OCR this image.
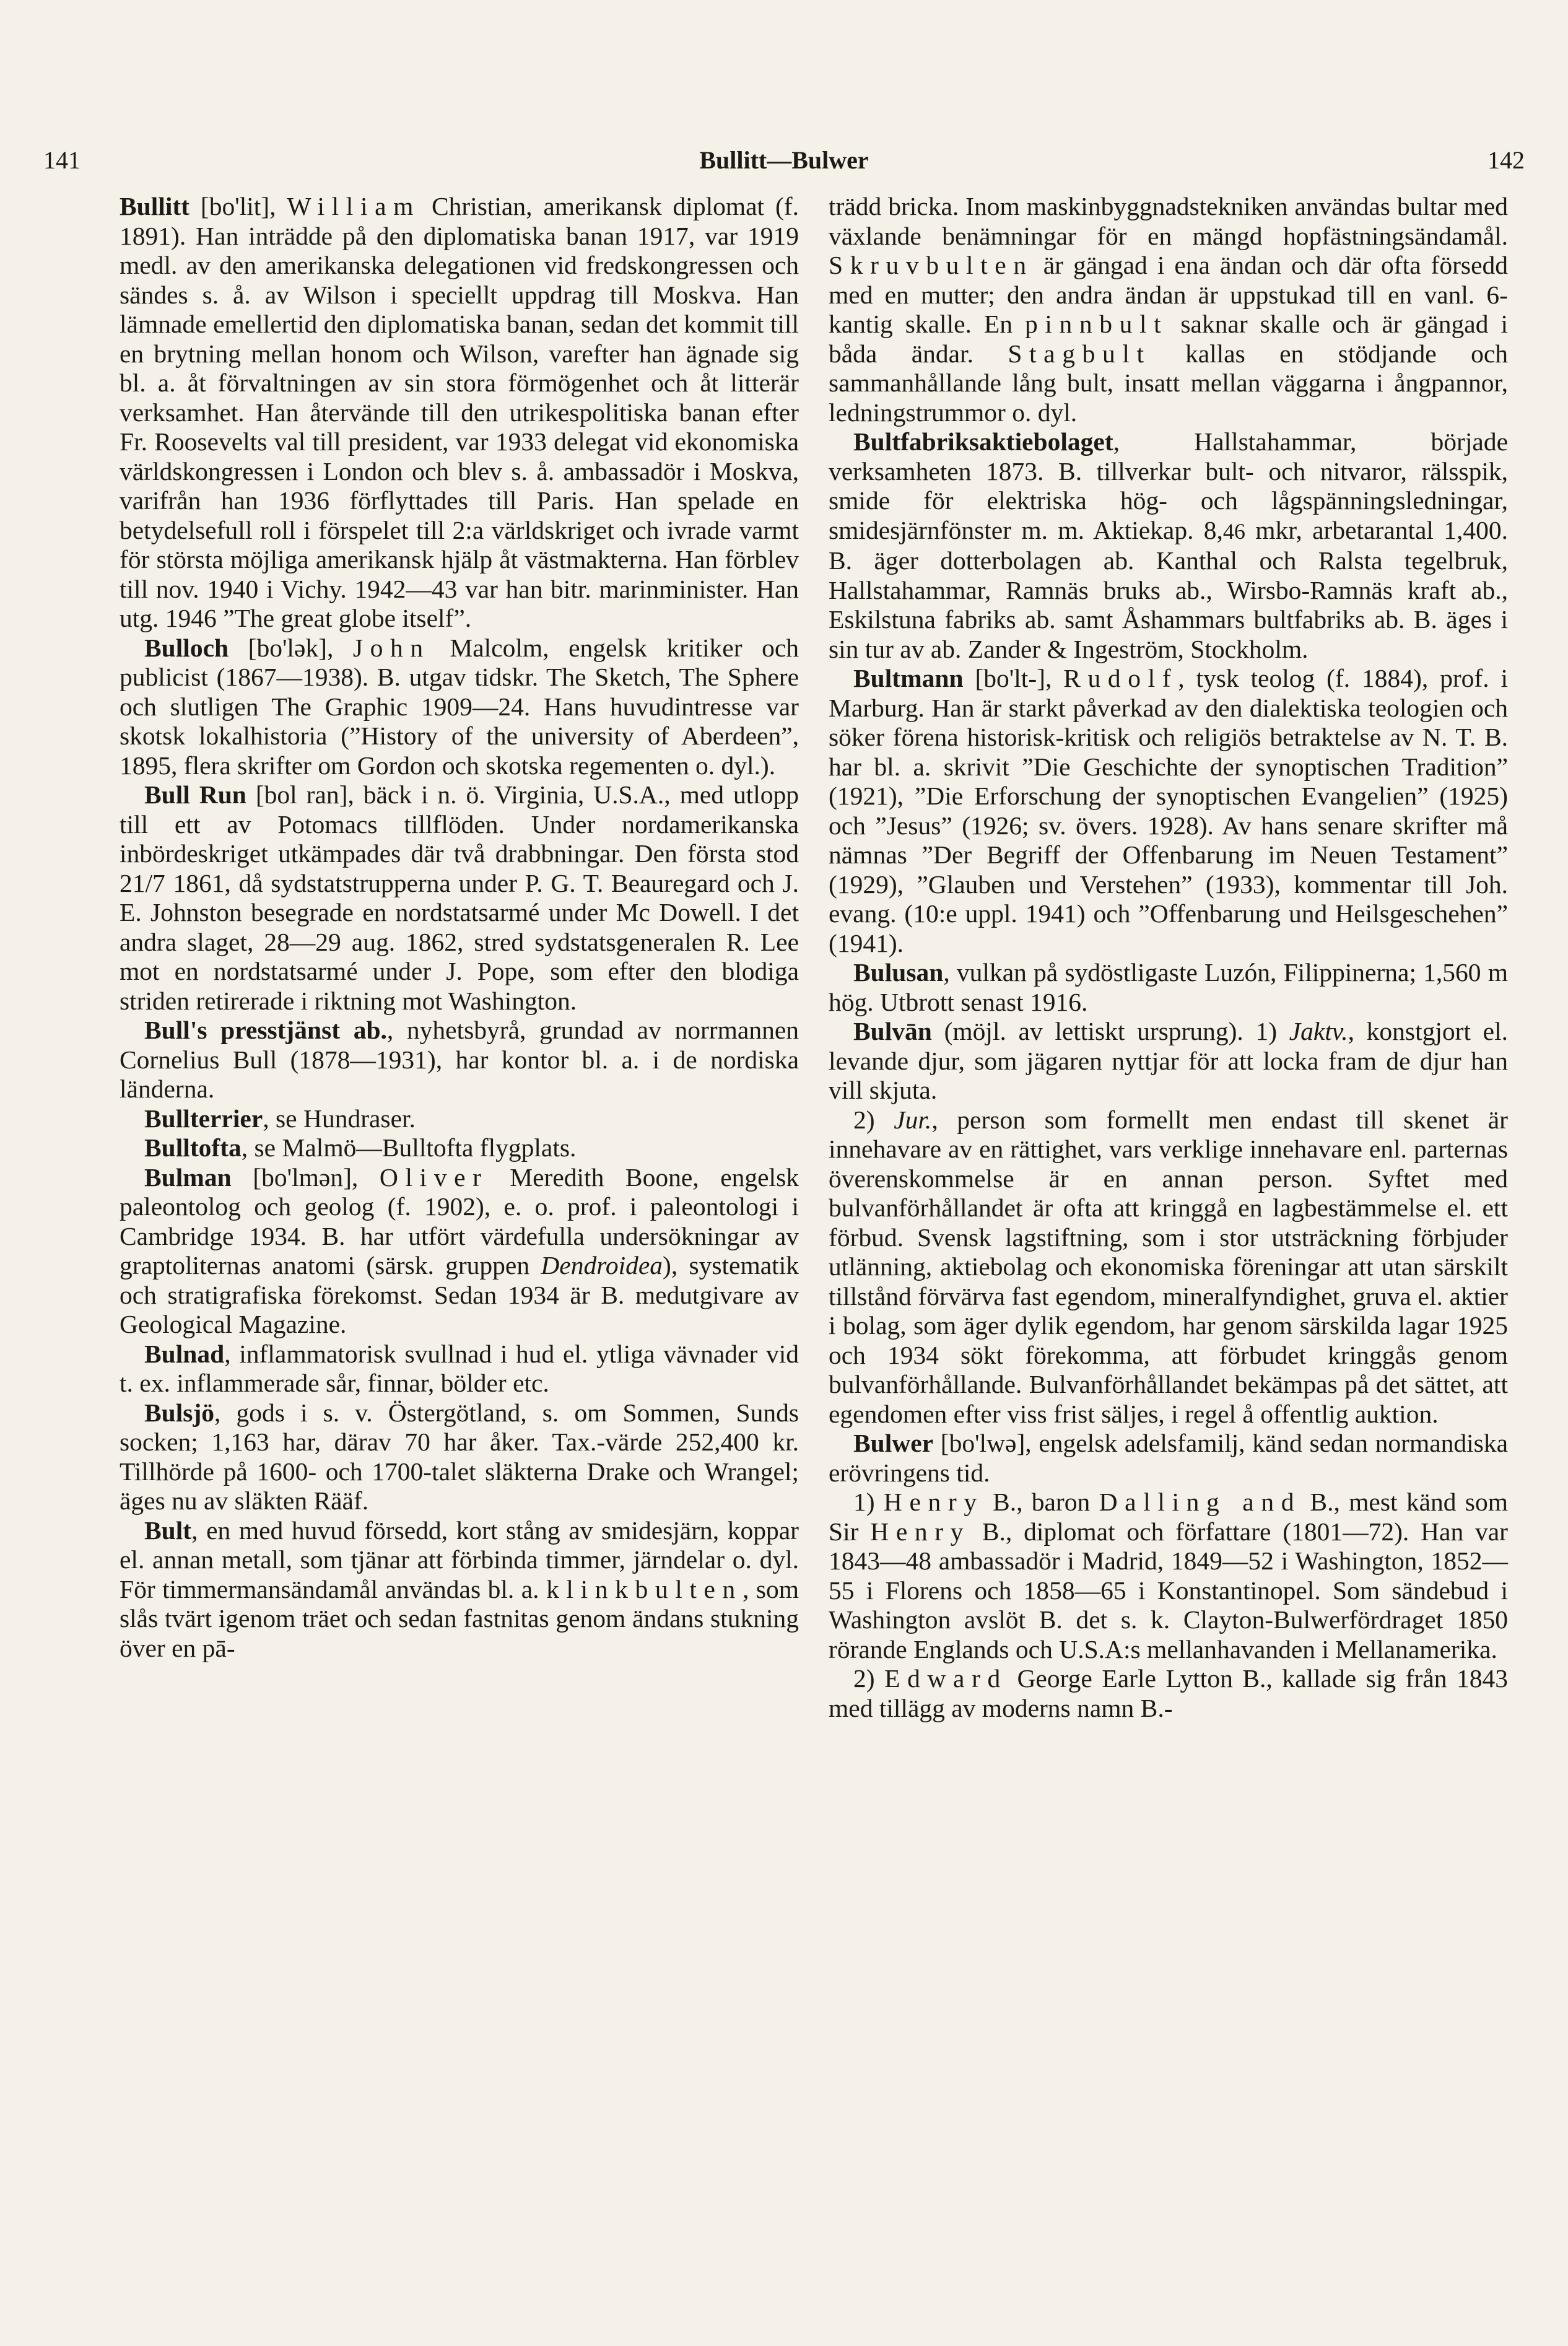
141	Bullitt—Bulwer	142

Bullitt [bo'lit], William Christian, amerikansk diplomat (f. 1891). Han inträdde på den diplomatiska banan 1917, var 1919 medl. av den amerikanska delegationen vid fredskongressen och sändes s. å. av Wilson i speciellt uppdrag till Moskva. Han lämnade emellertid den diplomatiska banan, sedan det kommit till en brytning mellan honom och Wilson, varefter han ägnade sig bl. a. åt förvaltningen av sin stora förmögenhet och åt litterär verksamhet. Han återvände till den utrikespolitiska banan efter Fr. Roosevelts val till president, var 1933 delegat vid ekonomiska världskongressen i London och blev s. å. ambassadör i Moskva, varifrån han 1936 förflyttades till Paris. Han spelade en betydelsefull roll i förspelet till 2:a världskriget och ivrade varmt för största möjliga amerikansk hjälp åt västmakterna. Han förblev till nov. 1940 i Vichy. 1942—43 var han bitr. marinminister. Han utg. 1946 ”The great globe itself”.

Bulloch [bo'lək], John Malcolm, engelsk kritiker och publicist (1867—1938). B. utgav tidskr. The Sketch, The Sphere och slutligen The Graphic 1909—24. Hans huvudintresse var skotsk lokalhistoria (”History of the university of Aberdeen”, 1895, flera skrifter om Gordon och skotska regementen o. dyl.).

Bull Run [bol ran], bäck i n. ö. Virginia, U.S.A., med utlopp till ett av Potomacs tillflöden. Under nordamerikanska inbördeskriget utkämpades där två drabbningar. Den första stod 21/7 1861, då sydstatstrupperna under P. G. T. Beauregard och J. E. Johnston besegrade en nordstatsarmé under Mc Dowell. I det andra slaget, 28—29 aug. 1862, stred sydstatsgeneralen R. Lee mot en nordstatsarmé under J. Pope, som efter den blodiga striden retirerade i riktning mot Washington.

Bull's presstjänst ab., nyhetsbyrå, grundad av norrmannen Cornelius Bull (1878—1931), har kontor bl. a. i de nordiska länderna.

Bullterrier, se Hundraser.

Bulltofta, se Malmö—Bulltofta flygplats.

Bulman [bo'lmən], Oliver Meredith Boone, engelsk paleontolog och geolog (f. 1902), e. o. prof. i paleontologi i Cambridge 1934. B. har utfört värdefulla undersökningar av graptoliternas anatomi (särsk. gruppen Dendroidea), systematik och stratigrafiska förekomst. Sedan 1934 är B. medutgivare av Geological Magazine.

Bulnad, inflammatorisk svullnad i hud el. ytliga vävnader vid t. ex. inflammerade sår, finnar, bölder etc.

Bulsjö, gods i s. v. Östergötland, s. om Sommen, Sunds socken; 1,163 har, därav 70 har åker. Tax.-värde 252,400 kr. Tillhörde på 1600- och 1700-talet släkterna Drake och Wrangel; äges nu av släkten Rääf.

Bult, en med huvud försedd, kort stång av smidesjärn, koppar el. annan metall, som tjänar att förbinda timmer, järndelar o. dyl. För timmermansändamål användas bl. a. klinkbulten, som slås tvärt igenom träet och sedan fastnitas genom ändans stukning över en pā-

trädd bricka. Inom maskinbyggnadstekniken användas bultar med växlande benämningar för en mängd hopfästningsändamål. Skruvbulten är gängad i ena ändan och där ofta försedd med en mutter; den andra ändan är uppstukad till en vanl. 6-kantig skalle. En pinnbult saknar skalle och är gängad i båda ändar. Stagbult kallas en stödjande och sammanhållande lång bult, insatt mellan väggarna i ångpannor, ledningstrummor o. dyl.

Bultfabriksaktiebolaget, Hallstahammar, började verksamheten 1873. B. tillverkar bult- och nitvaror, rälsspik, smide för elektriska hög- och lågspänningsledningar, smidesjärnfönster m. m. Aktiekap. 8,46 mkr, arbetarantal 1,400. B. äger dotterbolagen ab. Kanthal och Ralsta tegelbruk, Hallstahammar, Ramnäs bruks ab., Wirsbo-Ramnäs kraft ab., Eskilstuna fabriks ab. samt Åshammars bultfabriks ab. B. äges i sin tur av ab. Zander & Ingeström, Stockholm.

Bultmann [bo'lt-], Rudolf, tysk teolog (f. 1884), prof. i Marburg. Han är starkt påverkad av den dialektiska teologien och söker förena historisk-kritisk och religiös betraktelse av N. T. B. har bl. a. skrivit ”Die Geschichte der synoptischen Tradition” (1921), ”Die Erforschung der synoptischen Evangelien” (1925) och ”Jesus” (1926; sv. övers. 1928). Av hans senare skrifter må nämnas ”Der Begriff der Offenbarung im Neuen Testament” (1929), ”Glauben und Verstehen” (1933), kommentar till Joh. evang. (10:e uppl. 1941) och ”Offenbarung und Heilsgeschehen” (1941).

Bulusan, vulkan på sydöstligaste Luzón, Filippinerna; 1,560 m hög. Utbrott senast 1916.

Bulvān (möjl. av lettiskt ursprung). 1) Jaktv., konstgjort el. levande djur, som jägaren nyttjar för att locka fram de djur han vill skjuta.

2) Jur., person som formellt men endast till skenet är innehavare av en rättighet, vars verklige innehavare enl. parternas överenskommelse är en annan person. Syftet med bulvanförhållandet är ofta att kringgå en lagbestämmelse el. ett förbud. Svensk lagstiftning, som i stor utsträckning förbjuder utlänning, aktiebolag och ekonomiska föreningar att utan särskilt tillstånd förvärva fast egendom, mineralfyndighet, gruva el. aktier i bolag, som äger dylik egendom, har genom särskilda lagar 1925 och 1934 sökt förekomma, att förbudet kringgås genom bulvanförhållande. Bulvanförhållandet bekämpas på det sättet, att egendomen efter viss frist säljes, i regel å offentlig auktion.

Bulwer [bo'lwə], engelsk adelsfamilj, känd sedan normandiska erövringens tid.

1) Henry B., baron Dalling and B., mest känd som Sir Henry B., diplomat och författare (1801—72). Han var 1843—48 ambassadör i Madrid, 1849—52 i Washington, 1852—55 i Florens och 1858—65 i Konstantinopel. Som sändebud i Washington avslöt B. det s. k. Clayton-Bulwerfördraget 1850 rörande Englands och U.S.A:s mellanhavanden i Mellanamerika.

2) Edward George Earle Lytton B., kallade sig från 1843 med tillägg av moderns namn B.-
